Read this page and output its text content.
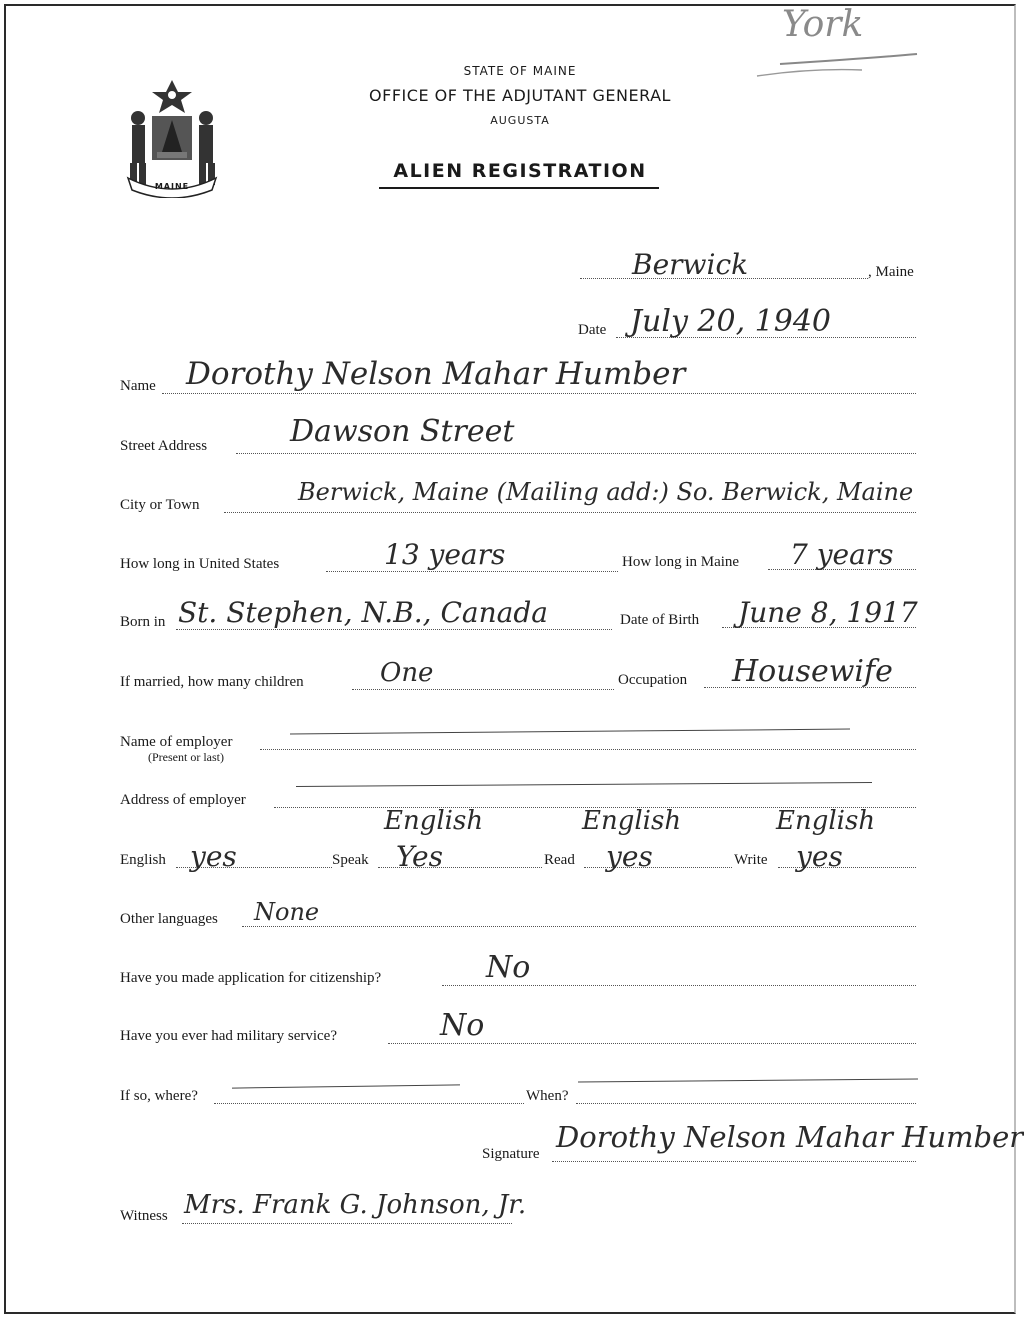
York
MAINE
STATE OF MAINE
OFFICE OF THE ADJUTANT GENERAL
AUGUSTA
ALIEN REGISTRATION
Berwick	, Maine
Date July 20, 1940
Name Dorothy Nelson Mahar Humber
Street Address	Dawson Street
City or Town	Berwick, Maine (Mailing add:) So. Berwick, Maine
How long in United States	13 years	How long in Maine 7 years
Born in St. Stephen, N.B., Canada	Date of Birth June 8, 1917
If married, how many children	One	Occupation Housewife
Name of employer
(Present or last)
Address of employer
English	English	English
English yes	Speak Yes	Read yes	Write yes
Other languages None
Have you made application for citizenship?	No
Have you ever had military service?	No
If so, where?	When?
Signature Dorothy Nelson Mahar Humber
Witness Mrs. Frank G. Johnson, Jr.
